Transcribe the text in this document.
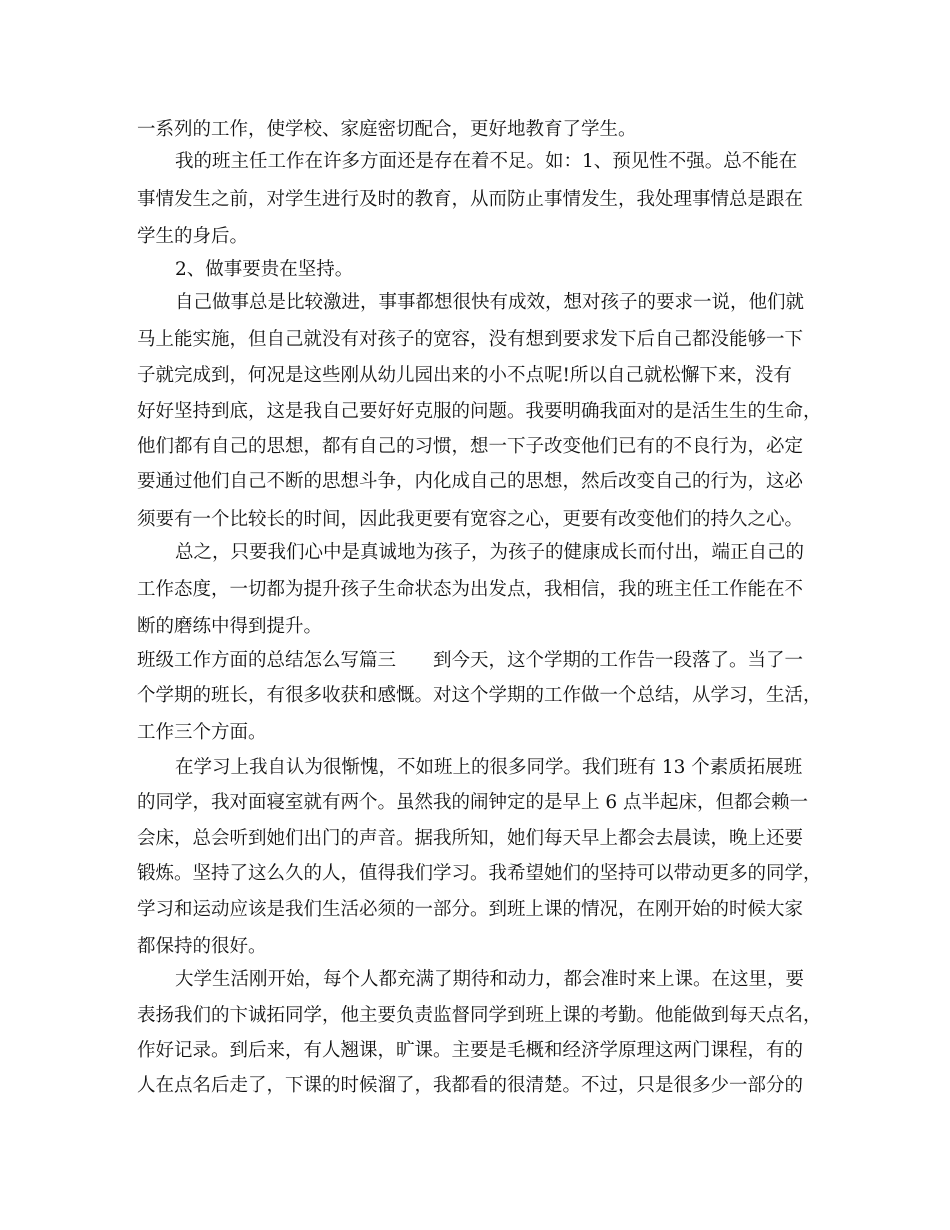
一系列的工作，使学校、家庭密切配合，更好地教育了学生。
我的班主任工作在许多方面还是存在着不足。如：1、预见性不强。总不能在
事情发生之前，对学生进行及时的教育，从而防止事情发生，我处理事情总是跟在
学生的身后。
2、做事要贵在坚持。
自己做事总是比较激进，事事都想很快有成效，想对孩子的要求一说，他们就
马上能实施，但自己就没有对孩子的宽容，没有想到要求发下后自己都没能够一下
子就完成到，何况是这些刚从幼儿园出来的小不点呢!所以自己就松懈下来，没有
好好坚持到底，这是我自己要好好克服的问题。我要明确我面对的是活生生的生命，
他们都有自己的思想，都有自己的习惯，想一下子改变他们已有的不良行为，必定
要通过他们自己不断的思想斗争，内化成自己的思想，然后改变自己的行为，这必
须要有一个比较长的时间，因此我更要有宽容之心，更要有改变他们的持久之心。
总之，只要我们心中是真诚地为孩子，为孩子的健康成长而付出，端正自己的
工作态度，一切都为提升孩子生命状态为出发点，我相信，我的班主任工作能在不
断的磨练中得到提升。
班级工作方面的总结怎么写篇三　　到今天，这个学期的工作告一段落了。当了一
个学期的班长，有很多收获和感慨。对这个学期的工作做一个总结，从学习，生活，
工作三个方面。
在学习上我自认为很惭愧，不如班上的很多同学。我们班有 13 个素质拓展班
的同学，我对面寝室就有两个。虽然我的闹钟定的是早上 6 点半起床，但都会赖一
会床，总会听到她们出门的声音。据我所知，她们每天早上都会去晨读，晚上还要
锻炼。坚持了这么久的人，值得我们学习。我希望她们的坚持可以带动更多的同学，
学习和运动应该是我们生活必须的一部分。到班上课的情况，在刚开始的时候大家
都保持的很好。
大学生活刚开始，每个人都充满了期待和动力，都会准时来上课。在这里，要
表扬我们的卞诚拓同学，他主要负责监督同学到班上课的考勤。他能做到每天点名，
作好记录。到后来，有人翘课，旷课。主要是毛概和经济学原理这两门课程，有的
人在点名后走了，下课的时候溜了，我都看的很清楚。不过，只是很多少一部分的
